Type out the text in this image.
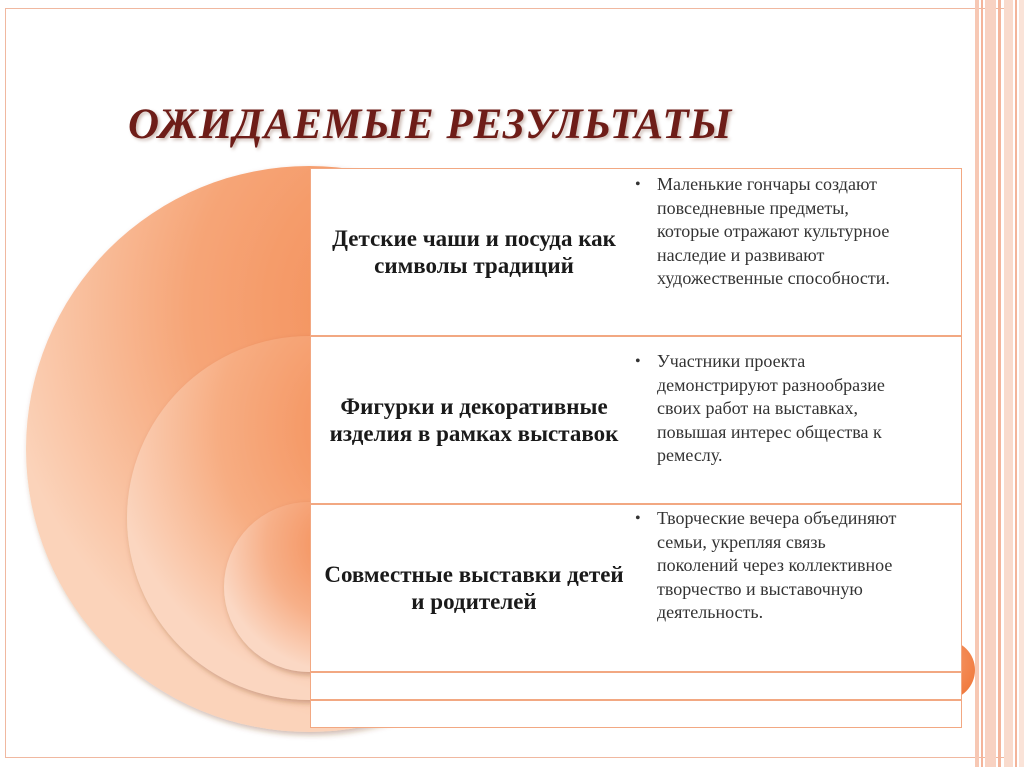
ОЖИДАЕМЫЕ РЕЗУЛЬТАТЫ
Детские чаши и посуда как символы традиций
Фигурки и декоративные изделия в рамках выставок
Совместные выставки детей и родителей
• Маленькие гончары создают повседневные предметы, которые отражают культурное наследие и развивают художественные способности.
• Участники проекта демонстрируют разнообразие своих работ на выставках, повышая интерес общества к ремеслу.
• Творческие вечера объединяют семьи, укрепляя связь поколений через коллективное творчество и выставочную деятельность.
